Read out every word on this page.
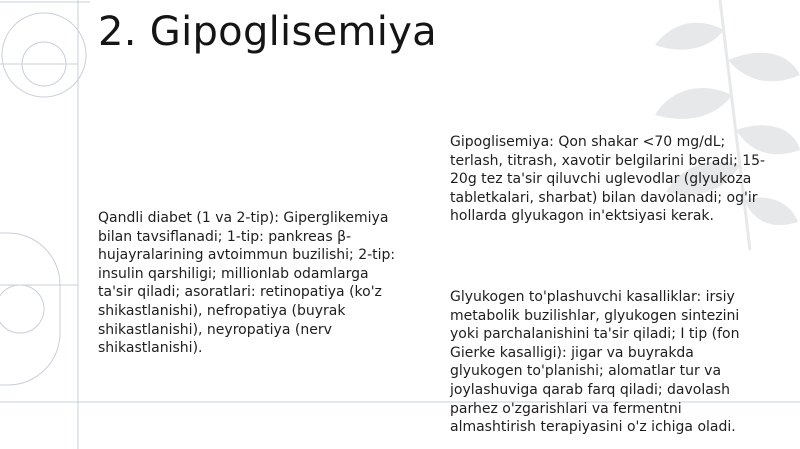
2. Gipoglisemiya
Qandli diabet (1 va 2-tip): Giperglikemiya bilan tavsiflanadi; 1-tip: pankreas β-hujayralarining avtoimmun buzilishi; 2-tip: insulin qarshiligi; millionlab odamlarga ta'sir qiladi; asoratlari: retinopatiya (ko'z shikastlanishi), nefropatiya (buyrak shikastlanishi), neyropatiya (nerv shikastlanishi).
Gipoglisemiya: Qon shakar <70 mg/dL; terlash, titrash, xavotir belgilarini beradi; 15-20g tez ta'sir qiluvchi uglevodlar (glyukoza tabletkalari, sharbat) bilan davolanadi; og'ir hollarda glyukagon in'ektsiyasi kerak.
Glyukogen to'plashuvchi kasalliklar: irsiy metabolik buzilishlar, glyukogen sintezini yoki parchalanishini ta'sir qiladi; I tip (fon Gierke kasalligi): jigar va buyrakda glyukogen to'planishi; alomatlar tur va joylashuviga qarab farq qiladi; davolash parhez o'zgarishlari va fermentni almashtirish terapiyasini o'z ichiga oladi.
